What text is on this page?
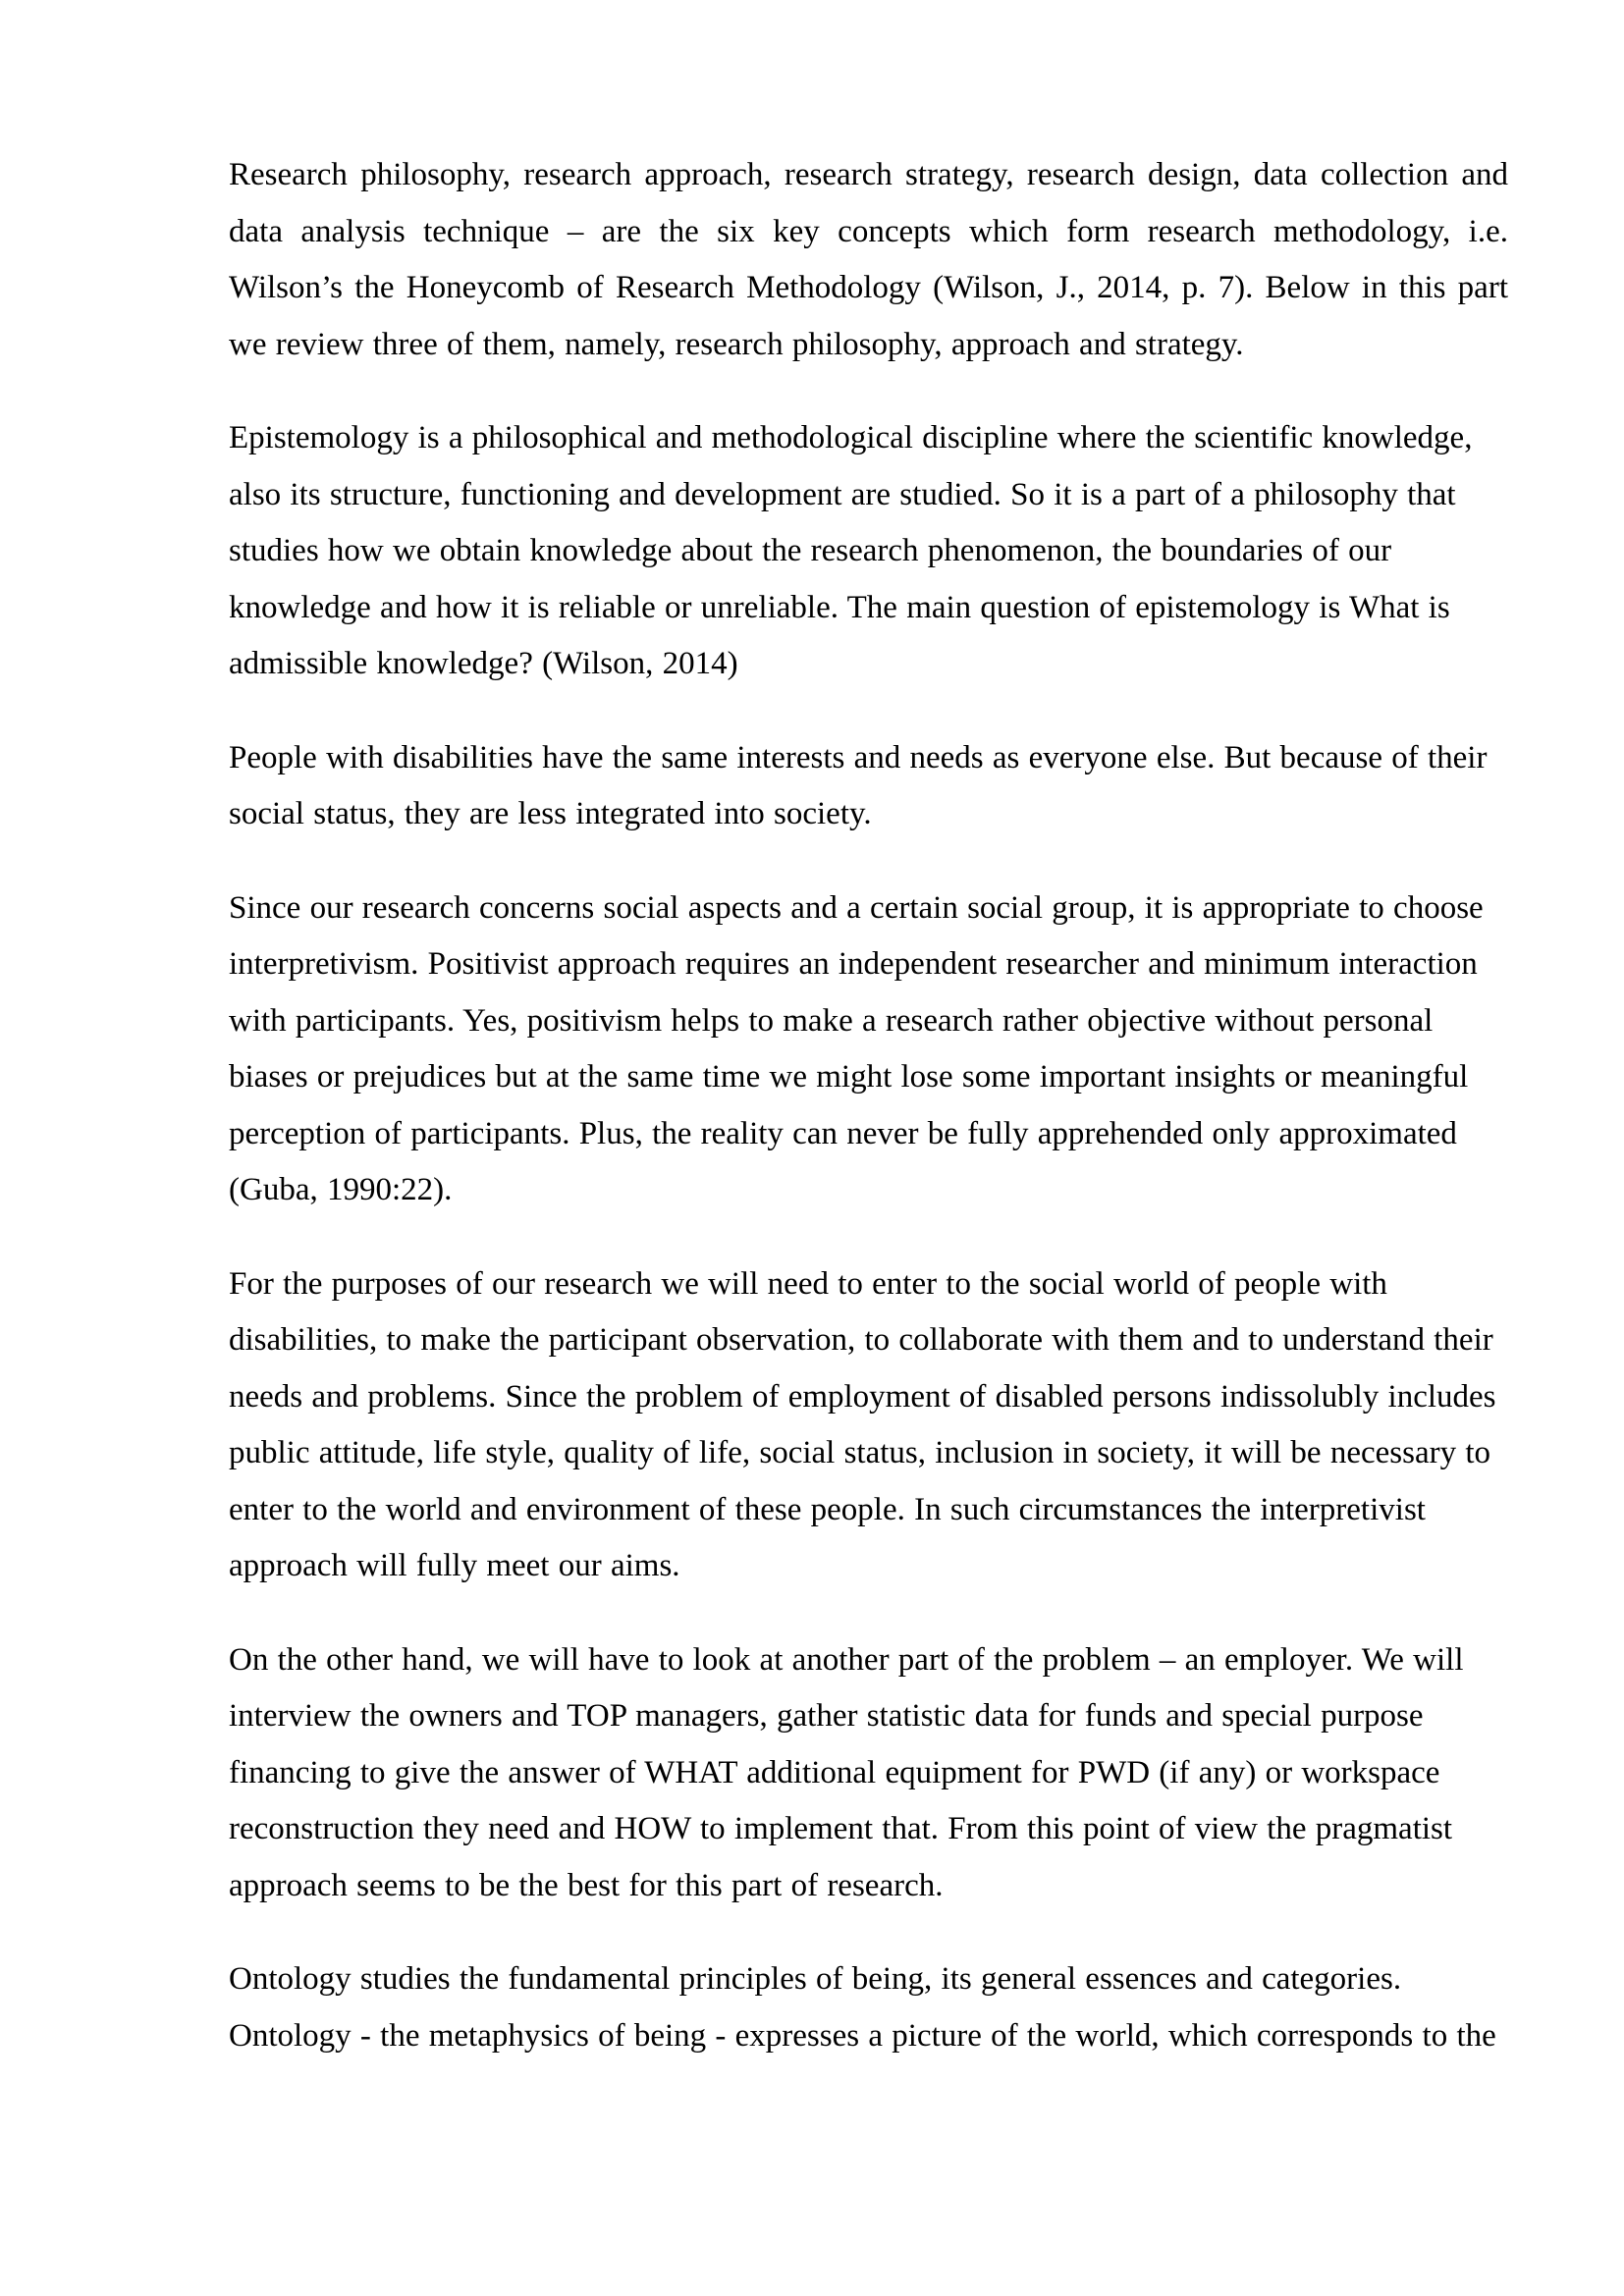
Research philosophy, research approach, research strategy, research design, data collection and data analysis technique – are the six key concepts which form research methodology, i.e. Wilson’s the Honeycomb of Research Methodology (Wilson, J., 2014, p. 7). Below in this part we review three of them, namely, research philosophy, approach and strategy.

Epistemology is a philosophical and methodological discipline where the scientific knowledge, also its structure, functioning and development are studied. So it is a part of a philosophy that studies how we obtain knowledge about the research phenomenon, the boundaries of our knowledge and how it is reliable or unreliable. The main question of epistemology is What is admissible knowledge? (Wilson, 2014)

People with disabilities have the same interests and needs as everyone else. But because of their social status, they are less integrated into society.

Since our research concerns social aspects and a certain social group, it is appropriate to choose interpretivism. Positivist approach requires an independent researcher and minimum interaction with participants. Yes, positivism helps to make a research rather objective without personal biases or prejudices but at the same time we might lose some important insights or meaningful perception of participants. Plus, the reality can never be fully apprehended only approximated (Guba, 1990:22).

For the purposes of our research we will need to enter to the social world of people with disabilities, to make the participant observation, to collaborate with them and to understand their needs and problems. Since the problem of employment of disabled persons indissolubly includes public attitude, life style, quality of life, social status, inclusion in society, it will be necessary to enter to the world and environment of these people. In such circumstances the interpretivist approach will fully meet our aims.

On the other hand, we will have to look at another part of the problem – an employer. We will interview the owners and TOP managers, gather statistic data for funds and special purpose financing to give the answer of WHAT additional equipment for PWD (if any) or workspace reconstruction they need and HOW to implement that. From this point of view the pragmatist approach seems to be the best for this part of research.

Ontology studies the fundamental principles of being, its general essences and categories. Ontology - the metaphysics of being - expresses a picture of the world, which corresponds to the
